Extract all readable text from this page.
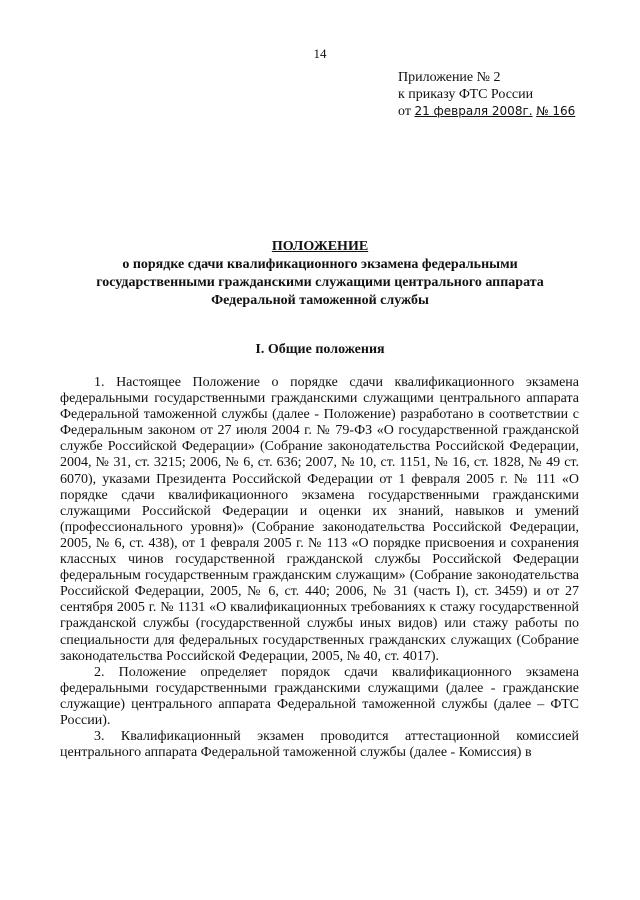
14
Приложение № 2
к приказу ФТС России
от 21 февраля 2008г. № 166
ПОЛОЖЕНИЕ
о порядке сдачи квалификационного экзамена федеральными
государственными гражданскими служащими центрального аппарата
Федеральной таможенной службы
I. Общие положения

1. Настоящее Положение о порядке сдачи квалификационного экзамена федеральными государственными гражданскими служащими центрального аппарата Федеральной таможенной службы (далее - Положение) разработано в соответствии с Федеральным законом от 27 июля 2004 г. № 79-ФЗ «О государственной гражданской службе Российской Федерации» (Собрание законодательства Российской Федерации, 2004, № 31, ст. 3215; 2006, № 6, ст. 636; 2007, № 10, ст. 1151, № 16, ст. 1828, № 49 ст. 6070), указами Президента Российской Федерации от 1 февраля 2005 г. № 111 «О порядке сдачи квалификационного экзамена государственными гражданскими служащими Российской Федерации и оценки их знаний, навыков и умений (профессионального уровня)» (Собрание законодательства Российской Федерации, 2005, № 6, ст. 438), от 1 февраля 2005 г. № 113 «О порядке присвоения и сохранения классных чинов государственной гражданской службы Российской Федерации федеральным государственным гражданским служащим» (Собрание законодательства Российской Федерации, 2005, № 6, ст. 440; 2006, № 31 (часть I), ст. 3459) и от 27 сентября 2005 г. № 1131 «О квалификационных требованиях к стажу государственной гражданской службы (государственной службы иных видов) или стажу работы по специальности для федеральных государственных гражданских служащих (Собрание законодательства Российской Федерации, 2005, № 40, ст. 4017).

2. Положение определяет порядок сдачи квалификационного экзамена федеральными государственными гражданскими служащими (далее - гражданские служащие) центрального аппарата Федеральной таможенной службы (далее – ФТС России).

3. Квалификационный экзамен проводится аттестационной комиссией центрального аппарата Федеральной таможенной службы (далее - Комиссия) в
